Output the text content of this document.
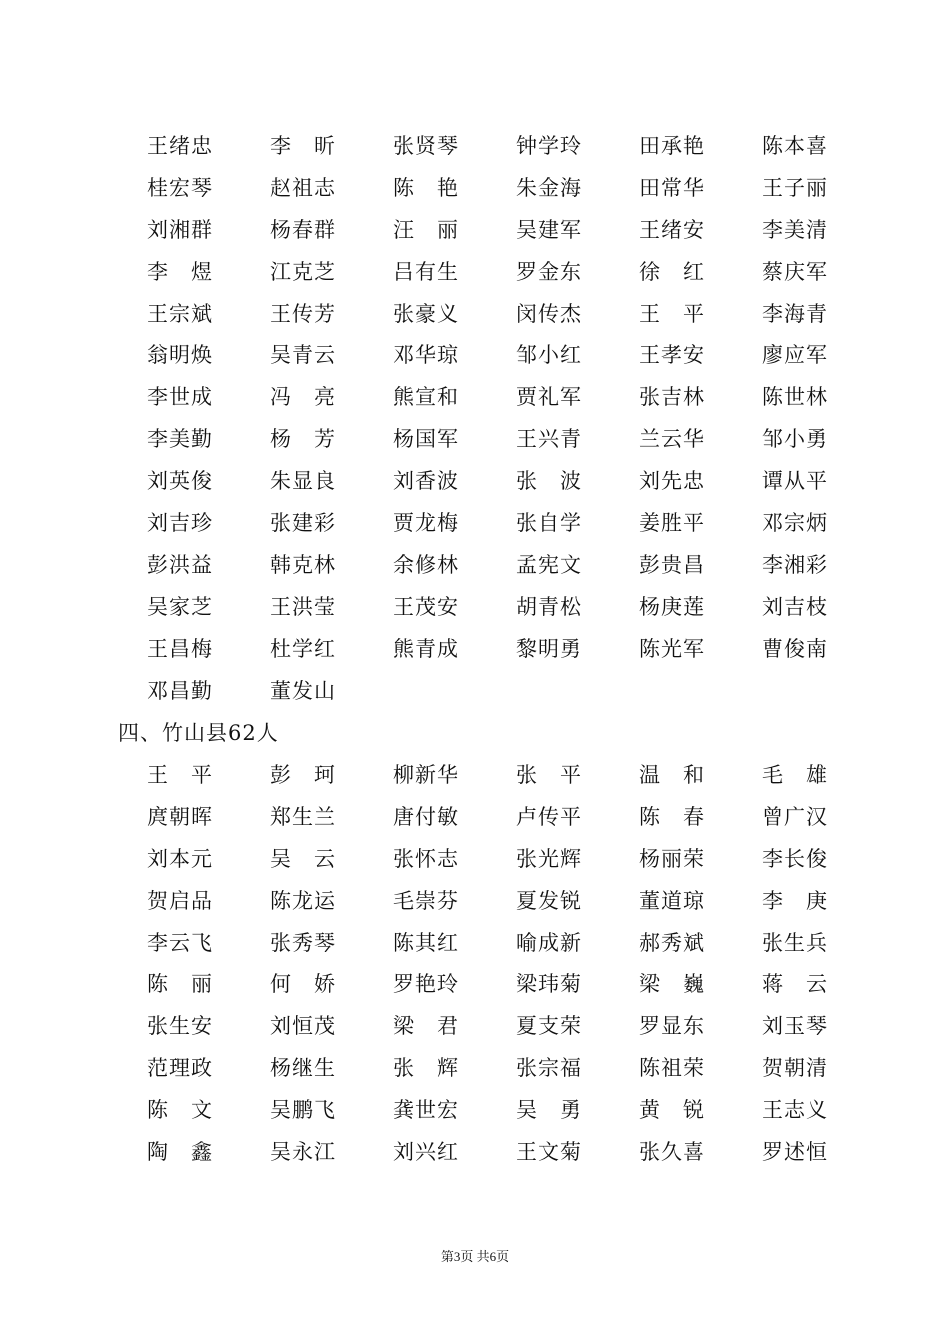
王绪忠	李　昕	张贤琴	钟学玲	田承艳	陈本喜
桂宏琴	赵祖志	陈　艳	朱金海	田常华	王子丽
刘湘群	杨春群	汪　丽	吴建军	王绪安	李美清
李　煜	江克芝	吕有生	罗金东	徐　红	蔡庆军
王宗斌	王传芳	张豪义	闵传杰	王　平	李海青
翁明焕	吴青云	邓华琼	邹小红	王孝安	廖应军
李世成	冯　亮	熊宣和	贾礼军	张吉林	陈世林
李美勤	杨　芳	杨国军	王兴青	兰云华	邹小勇
刘英俊	朱显良	刘香波	张　波	刘先忠	谭从平
刘吉珍	张建彩	贾龙梅	张自学	姜胜平	邓宗炳
彭洪益	韩克林	余修林	孟宪文	彭贵昌	李湘彩
吴家芝	王洪莹	王茂安	胡青松	杨庚莲	刘吉枝
王昌梅	杜学红	熊青成	黎明勇	陈光军	曹俊南
邓昌勤	董发山
四、竹山县62人
王　平	彭　珂	柳新华	张　平	温　和	毛　雄
庹朝晖	郑生兰	唐付敏	卢传平	陈　春	曾广汉
刘本元	吴　云	张怀志	张光辉	杨丽荣	李长俊
贺启品	陈龙运	毛崇芬	夏发锐	董道琼	李　庚
李云飞	张秀琴	陈其红	喻成新	郝秀斌	张生兵
陈　丽	何　娇	罗艳玲	梁玮菊	梁　巍	蒋　云
张生安	刘恒茂	梁　君	夏支荣	罗显东	刘玉琴
范理政	杨继生	张　辉	张宗福	陈祖荣	贺朝清
陈　文	吴鹏飞	龚世宏	吴　勇	黄　锐	王志义
陶　鑫	吴永江	刘兴红	王文菊	张久喜	罗述恒
第3页 共6页
